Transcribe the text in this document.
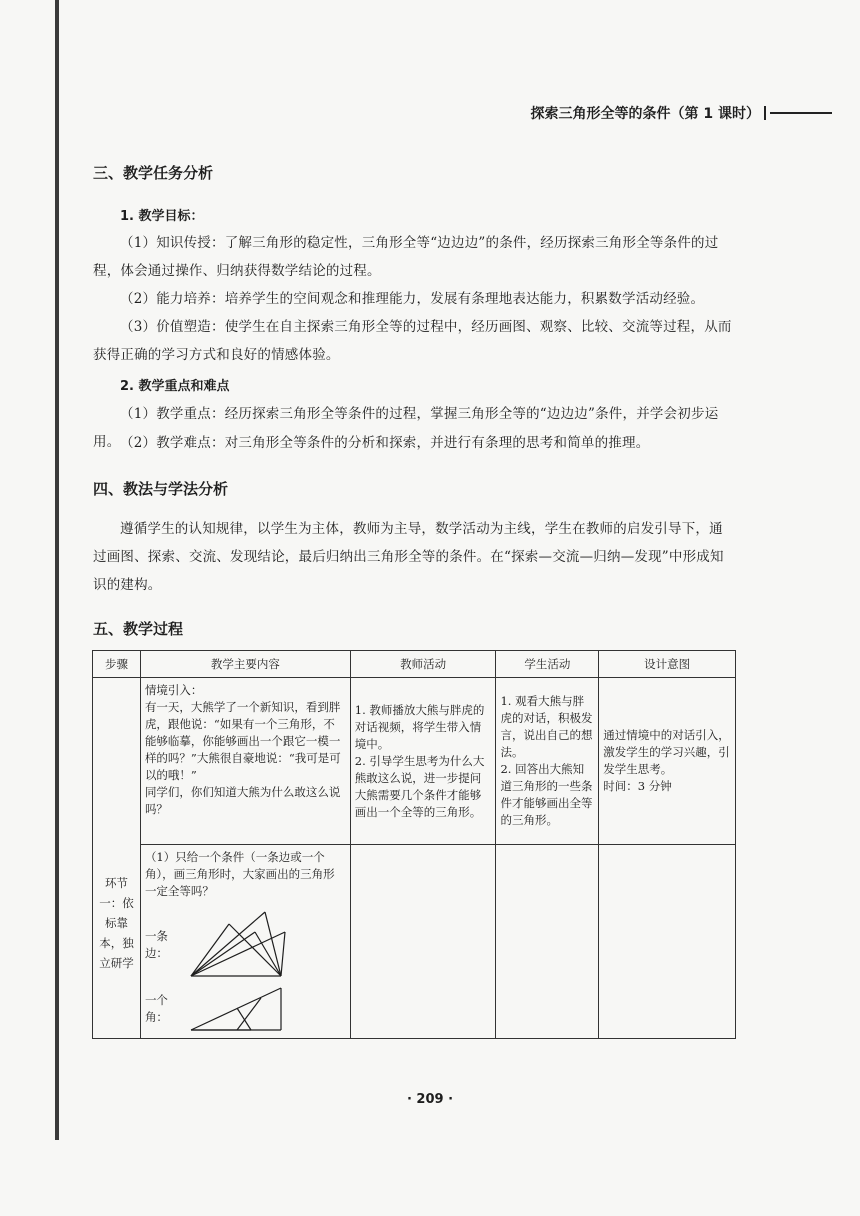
探索三角形全等的条件（第 1 课时）
三、教学任务分析
1. 教学目标：
（1）知识传授：了解三角形的稳定性，三角形全等“边边边”的条件，经历探索三角形全等条件的过程，体会通过操作、归纳获得数学结论的过程。
（2）能力培养：培养学生的空间观念和推理能力，发展有条理地表达能力，积累数学活动经验。
（3）价值塑造：使学生在自主探索三角形全等的过程中，经历画图、观察、比较、交流等过程，从而获得正确的学习方式和良好的情感体验。
2. 教学重点和难点
（1）教学重点：经历探索三角形全等条件的过程，掌握三角形全等的“边边边”条件，并学会初步运用。 （2）教学难点：对三角形全等条件的分析和探索，并进行有条理的思考和简单的推理。
四、教法与学法分析
遵循学生的认知规律，以学生为主体，教师为主导，数学活动为主线，学生在教师的启发引导下，通过画图、探索、交流、发现结论，最后归纳出三角形全等的条件。在“探索—交流—归纳—发现”中形成知识的建构。
五、教学过程
步骤	教学主要内容	教师活动	学生活动	设计意图

环节一：依标靠本，独立研学	情境引入：
有一天，大熊学了一个新知识，看到胖虎，跟他说：“如果有一个三角形，不能够临摹，你能够画出一个跟它一模一样的吗？”大熊很自豪地说：“我可是可以的哦！”
同学们，你们知道大熊为什么敢这么说吗？	1. 教师播放大熊与胖虎的对话视频，将学生带入情境中。
2. 引导学生思考为什么大熊敢这么说，进一步提问大熊需要几个条件才能够画出一个全等的三角形。	1. 观看大熊与胖虎的对话，积极发言，说出自己的想法。
2. 回答出大熊知道三角形的一些条件才能够画出全等的三角形。	通过情境中的对话引入，激发学生的学习兴趣，引发学生思考。
时间：3 分钟

	（1）只给一个条件（一条边或一个角），画三角形时，大家画出的三角形一定全等吗？
一条边：
一个角：			

· 209 ·
